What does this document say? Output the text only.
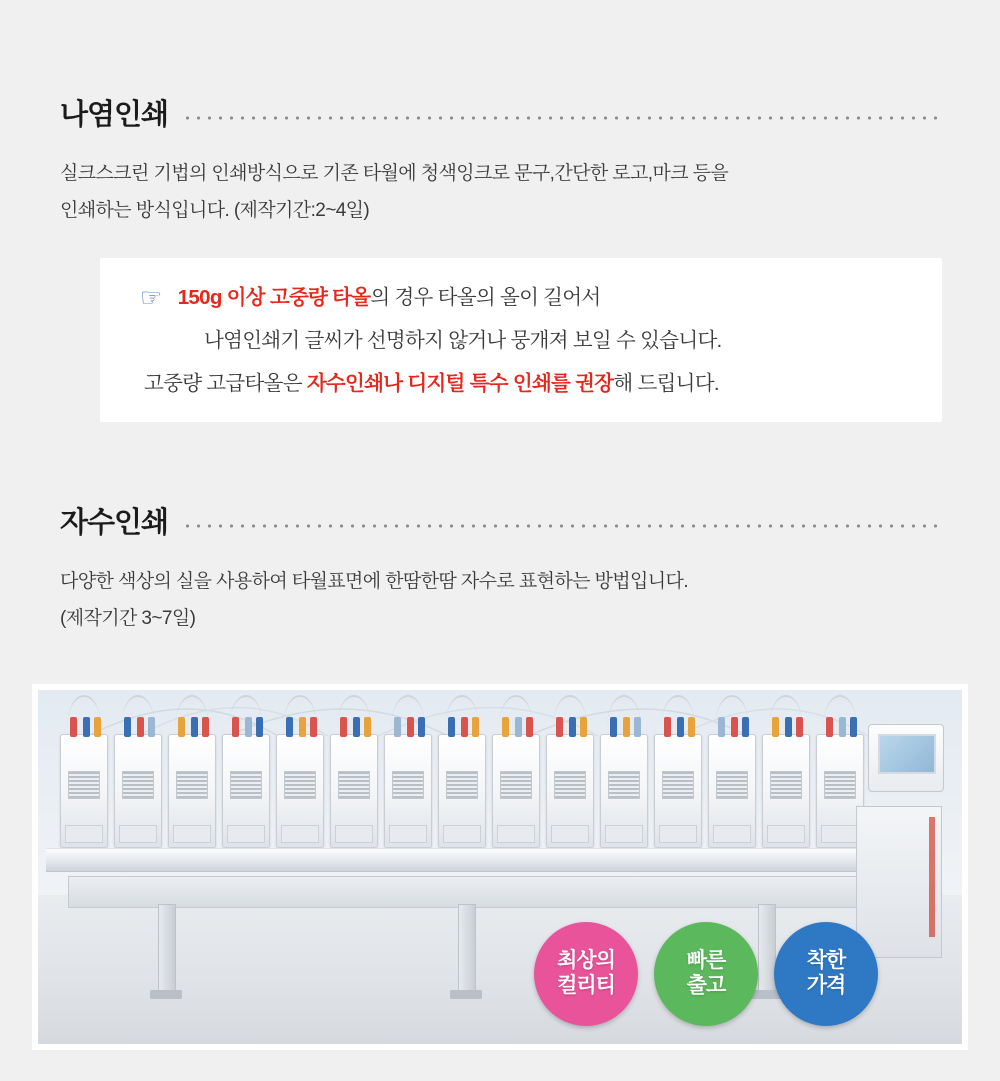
나염인쇄

실크스크린 기법의 인쇄방식으로 기존 타월에 청색잉크로 문구,간단한 로고,마크 등을

인쇄하는 방식입니다. (제작기간:2~4일)

☞ 150g 이상 고중량 타올의 경우 타올의 올이 길어서
나염인쇄기 글씨가 선명하지 않거나 뭉개져 보일 수 있습니다.
고중량 고급타올은 자수인쇄나 디지털 특수 인쇄를 권장해 드립니다.
자수인쇄

다양한 색상의 실을 사용하여 타월표면에 한땀한땀 자수로 표현하는 방법입니다.

(제작기간 3~7일)

최상의
컬리티
빠른
출고
착한
가격
